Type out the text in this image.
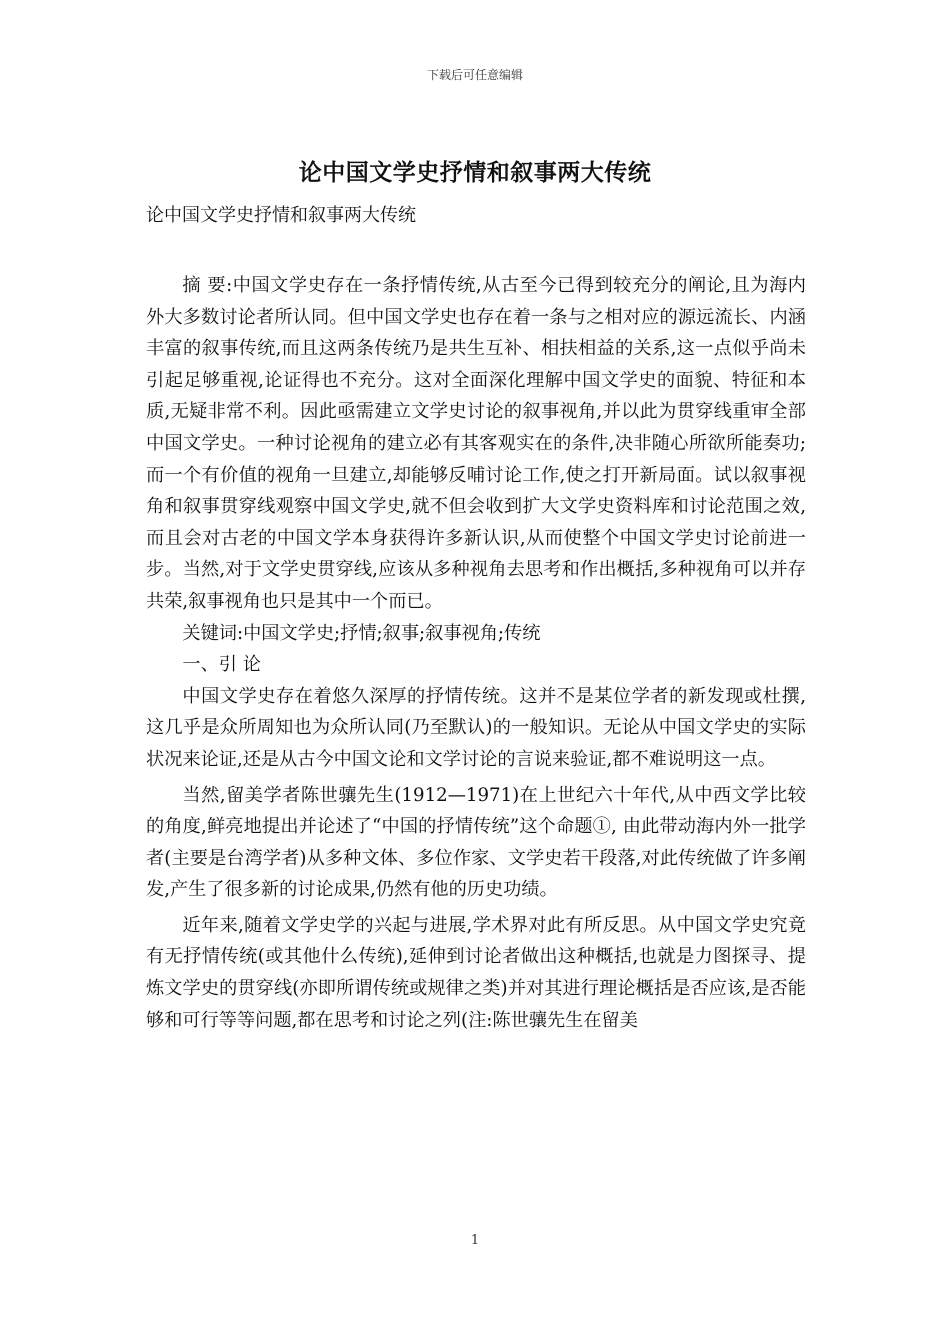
下载后可任意编辑
论中国文学史抒情和叙事两大传统
论中国文学史抒情和叙事两大传统

摘 要:中国文学史存在一条抒情传统,从古至今已得到较充分的阐论,且为海内外大多数讨论者所认同。但中国文学史也存在着一条与之相对应的源远流长、内涵丰富的叙事传统,而且这两条传统乃是共生互补、相扶相益的关系,这一点似乎尚未引起足够重视,论证得也不充分。这对全面深化理解中国文学史的面貌、特征和本质,无疑非常不利。因此亟需建立文学史讨论的叙事视角,并以此为贯穿线重审全部中国文学史。一种讨论视角的建立必有其客观实在的条件,决非随心所欲所能奏功;而一个有价值的视角一旦建立,却能够反哺讨论工作,使之打开新局面。试以叙事视角和叙事贯穿线观察中国文学史,就不但会收到扩大文学史资料库和讨论范围之效,而且会对古老的中国文学本身获得许多新认识,从而使整个中国文学史讨论前进一步。当然,对于文学史贯穿线,应该从多种视角去思考和作出概括,多种视角可以并存共荣,叙事视角也只是其中一个而已。

关键词:中国文学史;抒情;叙事;叙事视角;传统

一、引 论

中国文学史存在着悠久深厚的抒情传统。这并不是某位学者的新发现或杜撰,这几乎是众所周知也为众所认同(乃至默认)的一般知识。无论从中国文学史的实际状况来论证,还是从古今中国文论和文学讨论的言说来验证,都不难说明这一点。

当然,留美学者陈世骧先生(1912—1971)在上世纪六十年代,从中西文学比较的角度,鲜亮地提出并论述了“中国的抒情传统”这个命题①, 由此带动海内外一批学者(主要是台湾学者)从多种文体、多位作家、文学史若干段落,对此传统做了许多阐发,产生了很多新的讨论成果,仍然有他的历史功绩。

近年来,随着文学史学的兴起与进展,学术界对此有所反思。从中国文学史究竟有无抒情传统(或其他什么传统),延伸到讨论者做出这种概括,也就是力图探寻、提炼文学史的贯穿线(亦即所谓传统或规律之类)并对其进行理论概括是否应该,是否能够和可行等等问题,都在思考和讨论之列(注:陈世骧先生在留美

1
